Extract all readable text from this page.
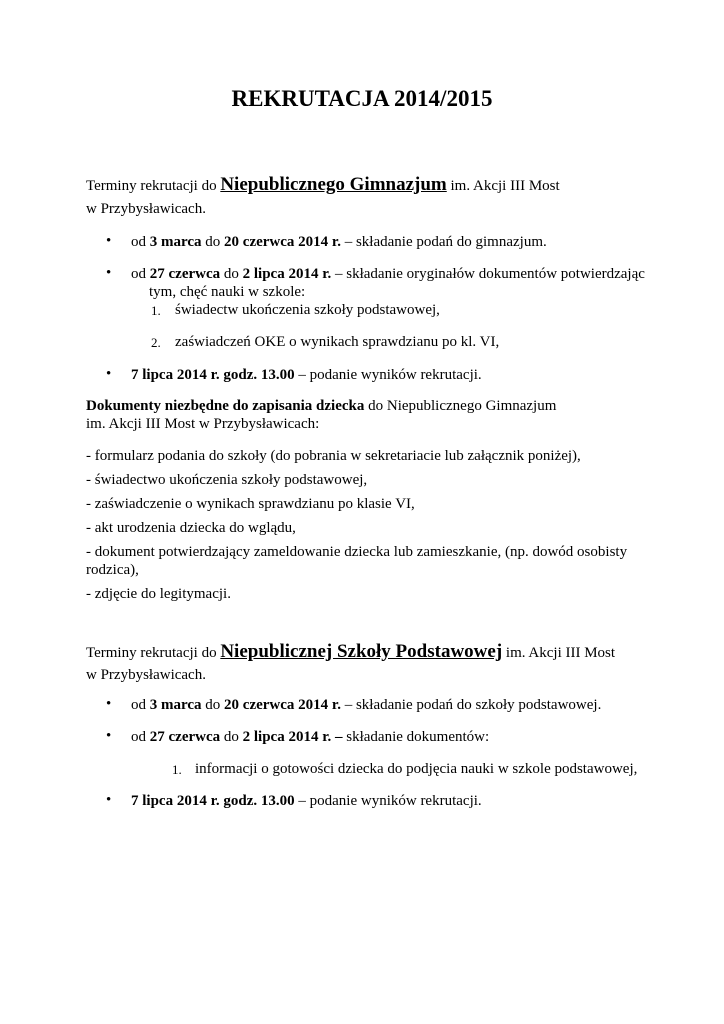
REKRUTACJA 2014/2015
Terminy rekrutacji do Niepublicznego Gimnazjum im. Akcji III Most
w Przybysławicach.
• od 3 marca do 20 czerwca 2014 r. – składanie podań do gimnazjum.
• od 27 czerwca do 2 lipca 2014 r. – składanie oryginałów dokumentów potwierdzając
tym, chęć nauki w szkole:
1. świadectw ukończenia szkoły podstawowej,
2. zaświadczeń OKE o wynikach sprawdzianu po kl. VI,
• 7 lipca 2014 r. godz. 13.00 – podanie wyników rekrutacji.
Dokumenty niezbędne do zapisania dziecka do Niepublicznego Gimnazjum
im. Akcji III Most w Przybysławicach:
- formularz podania do szkoły (do pobrania w sekretariacie lub załącznik poniżej),
- świadectwo ukończenia szkoły podstawowej,
- zaświadczenie o wynikach sprawdzianu po klasie VI,
- akt urodzenia dziecka do wglądu,
- dokument potwierdzający zameldowanie dziecka lub zamieszkanie, (np. dowód osobisty
rodzica),
- zdjęcie do legitymacji.
Terminy rekrutacji do Niepublicznej Szkoły Podstawowej im. Akcji III Most
w Przybysławicach.
• od 3 marca do 20 czerwca 2014 r. – składanie podań do szkoły podstawowej.
• od 27 czerwca do 2 lipca 2014 r. – składanie dokumentów:
1. informacji o gotowości dziecka do podjęcia nauki w szkole podstawowej,
• 7 lipca 2014 r. godz. 13.00 – podanie wyników rekrutacji.
